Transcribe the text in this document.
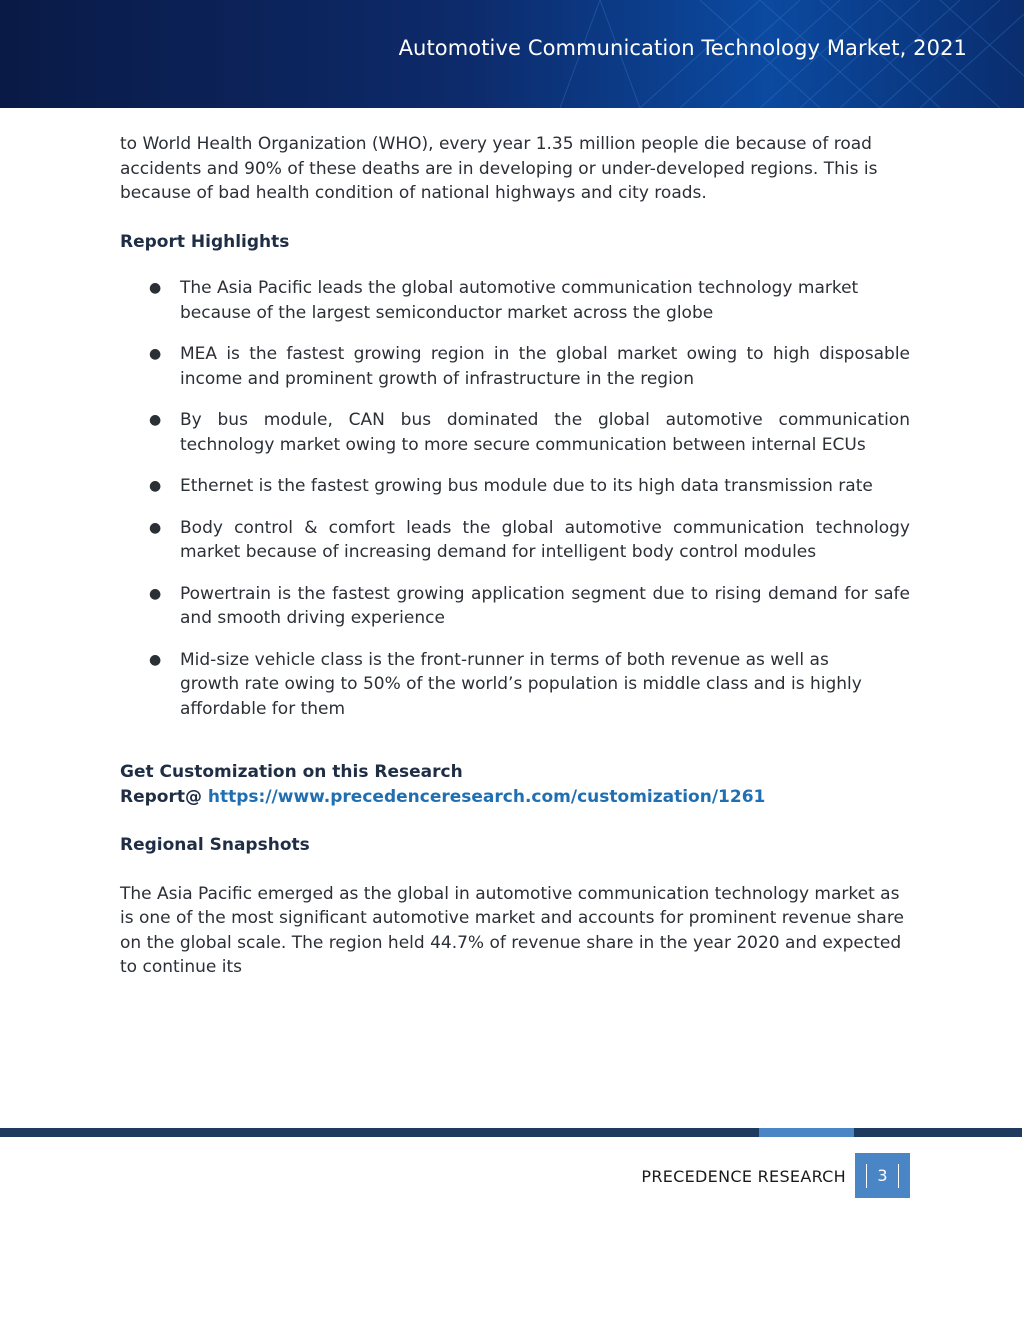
Automotive Communication Technology Market, 2021

to World Health Organization (WHO), every year 1.35 million people die because of road accidents and 90% of these deaths are in developing or under-developed regions. This is because of bad health condition of national highways and city roads.

Report Highlights

● The Asia Pacific leads the global automotive communication technology market because of the largest semiconductor market across the globe
● MEA is the fastest growing region in the global market owing to high disposable income and prominent growth of infrastructure in the region
● By bus module, CAN bus dominated the global automotive communication technology market owing to more secure communication between internal ECUs
● Ethernet is the fastest growing bus module due to its high data transmission rate
● Body control & comfort leads the global automotive communication technology market because of increasing demand for intelligent body control modules
● Powertrain is the fastest growing application segment due to rising demand for safe and smooth driving experience
● Mid-size vehicle class is the front-runner in terms of both revenue as well as growth rate owing to 50% of the world’s population is middle class and is highly affordable for them

Get Customization on this Research
Report@ https://www.precedenceresearch.com/customization/1261

Regional Snapshots

The Asia Pacific emerged as the global in automotive communication technology market as is one of the most significant automotive market and accounts for prominent revenue share on the global scale. The region held 44.7% of revenue share in the year 2020 and expected to continue its

PRECEDENCE RESEARCH	3
